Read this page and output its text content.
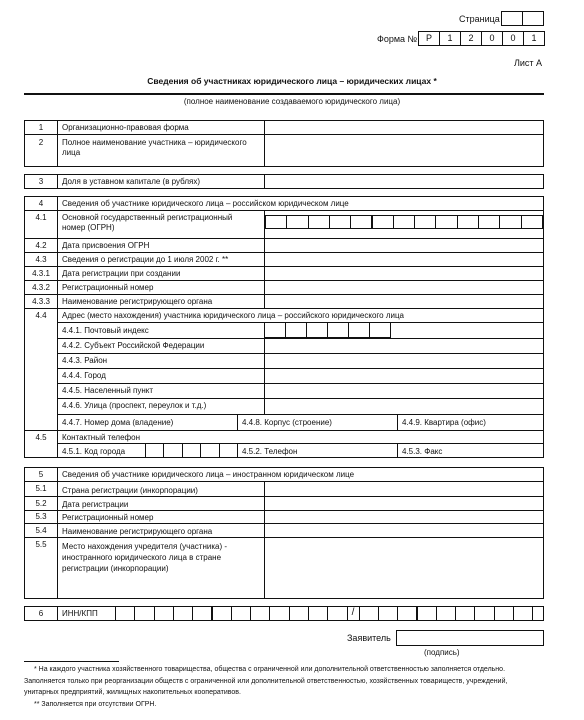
Страница
Форма № Р	1	2	0	0	1
Лист А
Сведения об участниках юридического лица – юридических лицах *
(полное наименование создаваемого юридического лица)
1	Организационно-правовая форма
2	Полное наименование участника – юридического лица
3	Доля в уставном капитале (в рублях)
4	Сведения об участнике юридического лица – российском юридическом лице
4.1	Основной государственный регистрационный номер (ОГРН)
4.2	Дата присвоения ОГРН
4.3	Сведения о регистрации до 1 июля 2002 г. **
4.3.1	Дата регистрации при создании
4.3.2	Регистрационный номер
4.3.3	Наименование регистрирующего органа
4.4	Адрес (место нахождения) участника юридического лица – российского юридического лица
4.4.1. Почтовый индекс
4.4.2. Субъект Российской Федерации
4.4.3. Район
4.4.4. Город
4.4.5. Населенный пункт
4.4.6. Улица (проспект, переулок и т.д.)
4.4.7. Номер дома (владение)	4.4.8. Корпус (строение)	4.4.9. Квартира (офис)
4.5	Контактный телефон
4.5.1. Код города	4.5.2. Телефон	4.5.3. Факс
5	Сведения об участнике юридического лица – иностранном юридическом лице
5.1	Страна регистрации (инкорпорации)
5.2	Дата регистрации
5.3	Регистрационный номер
5.4	Наименование регистрирующего органа
5.5	Место нахождения учредителя (участника) - иностранного юридического лица в стране регистрации (инкорпорации)
6	ИНН/КПП	/
Заявитель
(подпись)
* На каждого участника хозяйственного товарищества, общества с ограниченной или дополнительной ответственностью заполняется отдельно.
Заполняется только при реорганизации обществ с ограниченной или дополнительной ответственностью, хозяйственных товариществ, учреждений,
унитарных предприятий, жилищных накопительных кооперативов.
** Заполняется при отсутствии ОГРН.
